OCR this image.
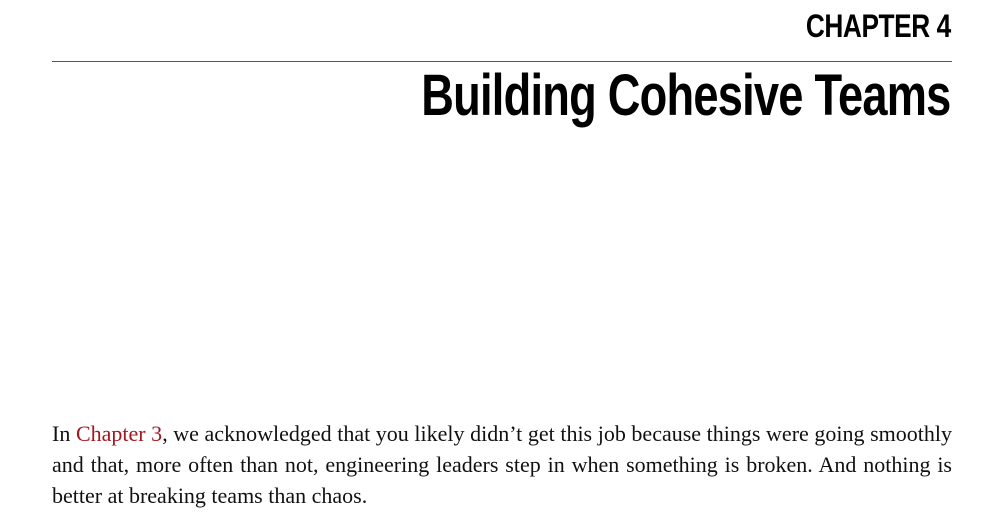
CHAPTER 4
Building Cohesive Teams

In Chapter 3, we acknowledged that you likely didn’t get this job because things were going smoothly and that, more often than not, engineering leaders step in when something is broken. And nothing is better at breaking teams than chaos.
